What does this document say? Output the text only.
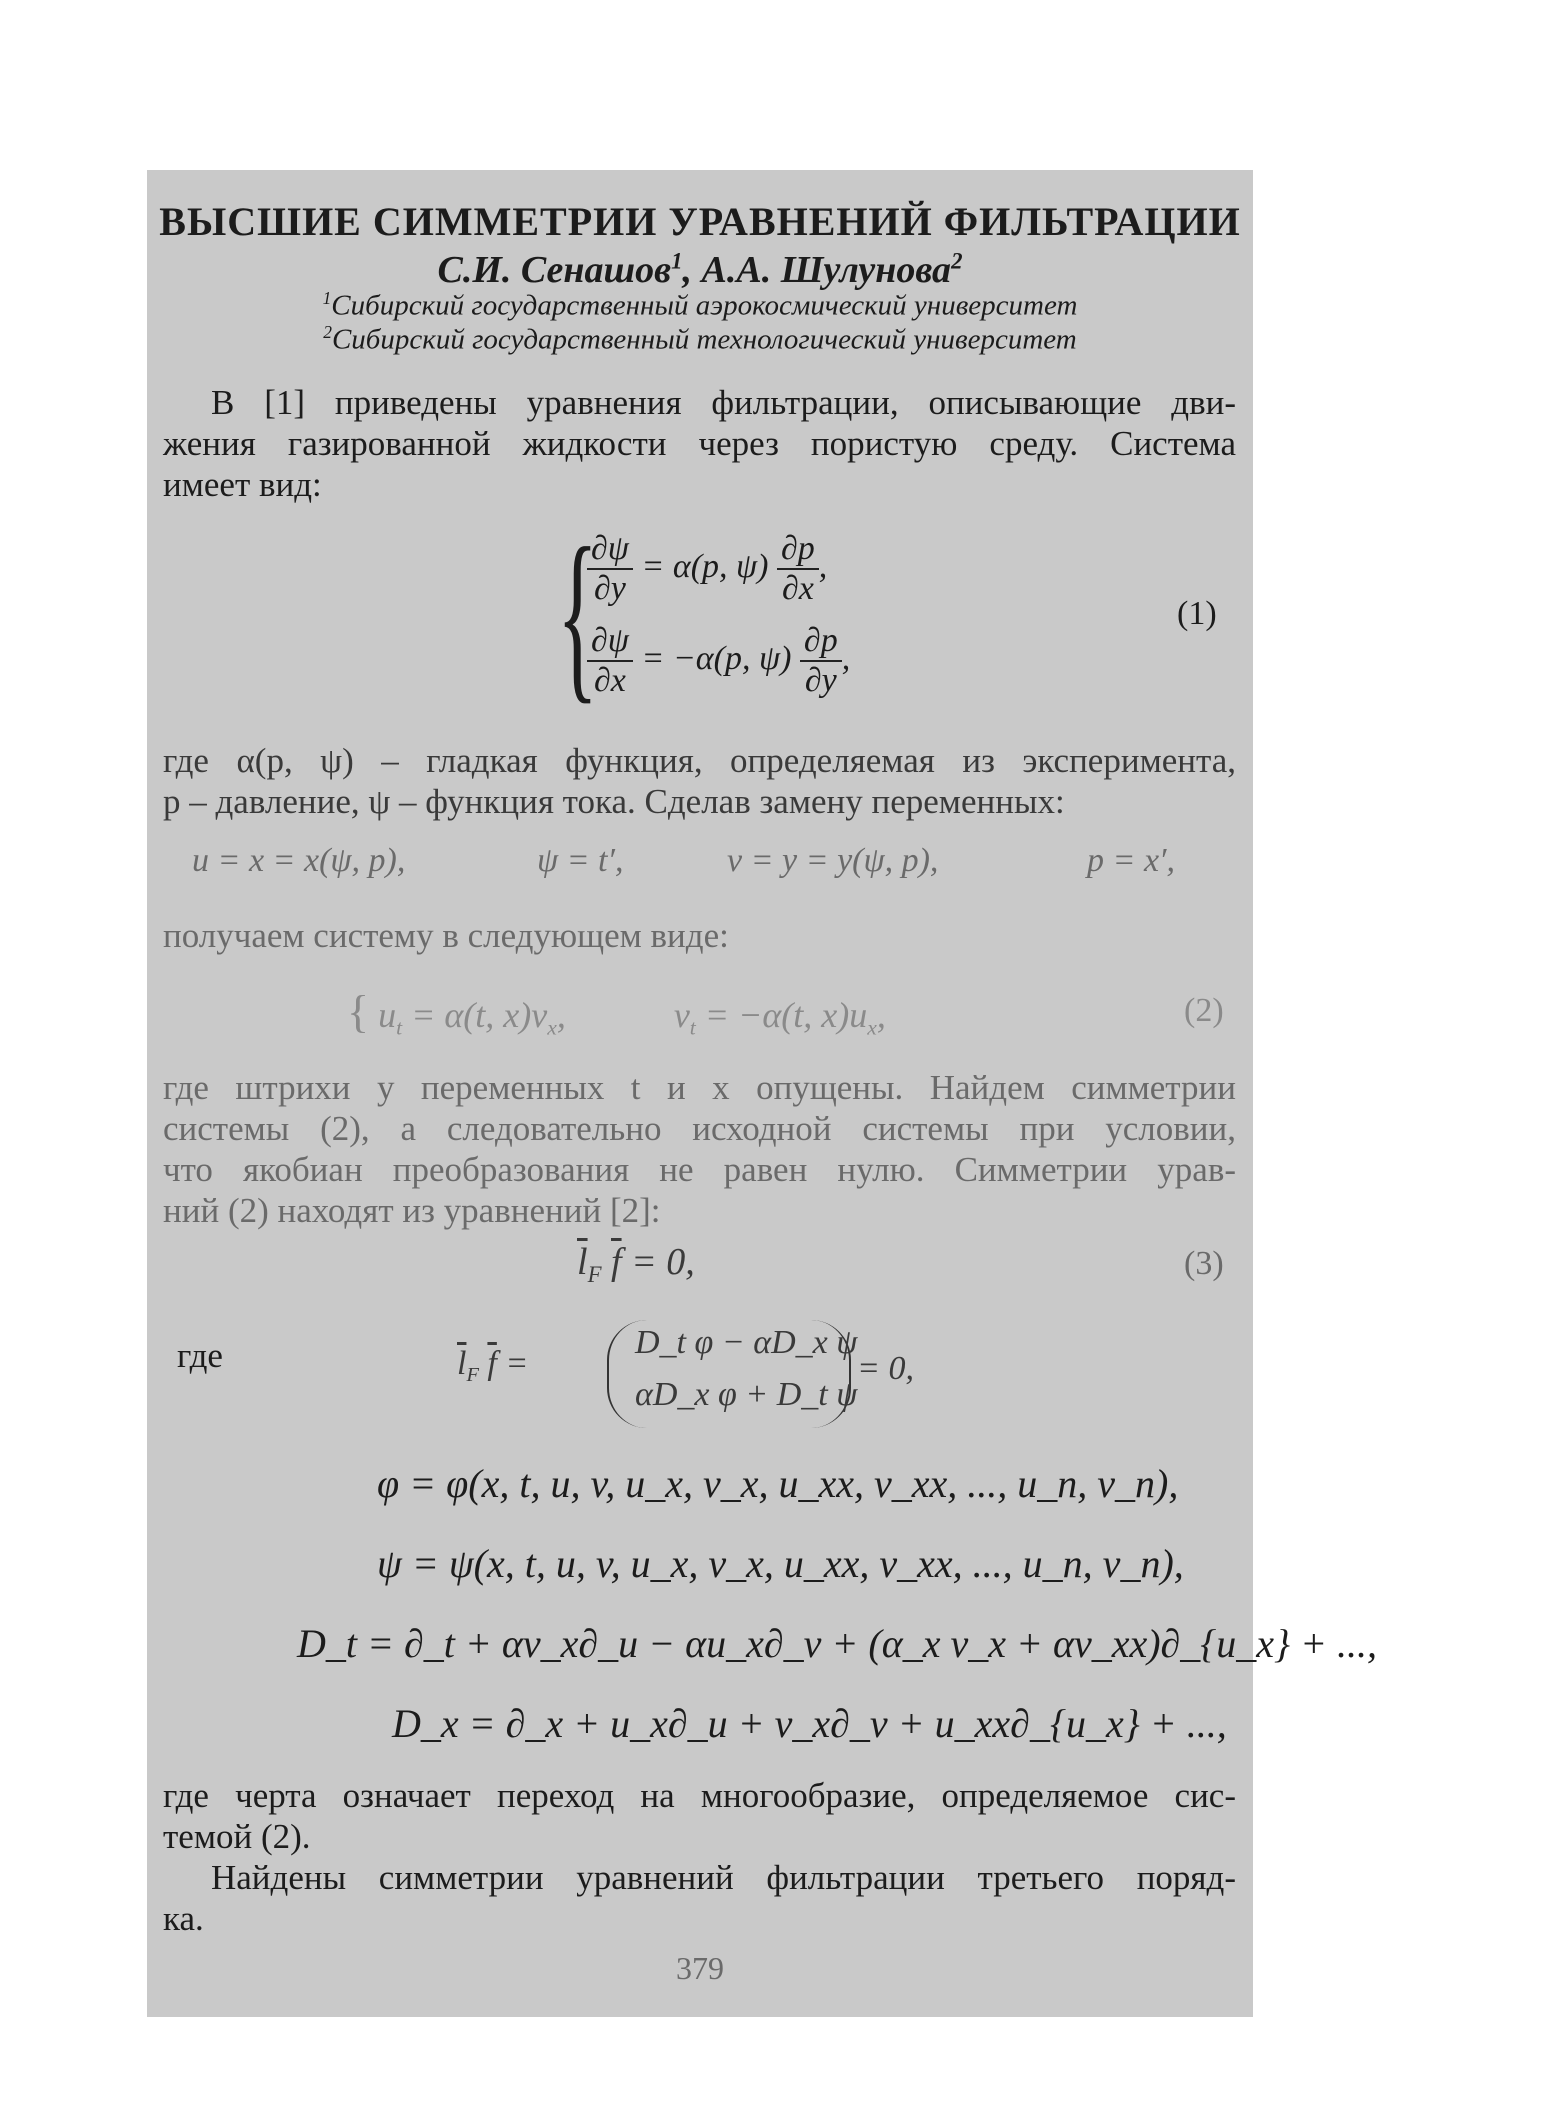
ВЫСШИЕ СИММЕТРИИ УРАВНЕНИЙ ФИЛЬТРАЦИИ
С.И. Сенашов$^1$, А.А. Шулунова$^2$
$^1$Сибирский государственный аэрокосмический университет
$^2$Сибирский государственный технологический университет
В [1] приведены уравнения фильтрации, описывающие дви-
жения газированной жидкости через пористую среду. Система
имеет вид:
{
$\frac{\partial\psi}{\partial y} = \alpha(p$, $\psi) \frac{\partial p}{\partial x}$ ,
$\frac{\partial\psi}{\partial x} = -\alpha(p$, $\psi) \frac{\partial p}{\partial y}$ ,
(1)
где α(p, ψ) – гладкая функция, определяемая из эксперимента,
p – давление, ψ – функция тока. Сделав замену переменных:
u = x = x(ψ, p),	ψ = t′,	v = y = y(ψ, p),	p = x′,
получаем систему в следующем виде:
{ $u_t = \alpha(t$, $x)v_x$,	$v_t = -\alpha(t$, $x)u_x$,	(2)
где штрихи у переменных t и x опущены. Найдем симметрии
системы (2), а следовательно исходной системы при условии,
что якобиан преобразования не равен нулю. Симметрии урав-
ний (2) находят из уравнений [2]:
$\overline{l}_F$ $\overline{f} = 0$,	(3)
где	$\overline{l}_F$ $\overline{f}$ =
D_t φ − αD_x ψ
αD_x φ + D_t ψ
= 0,
φ = φ(x, t, u, v, u_x, v_x, u_xx, v_xx, ..., u_n, v_n),
ψ = ψ(x, t, u, v, u_x, v_x, u_xx, v_xx, ..., u_n, v_n),
D_t = ∂_t + αv_x∂_u − αu_x∂_v + (α_x v_x + αv_xx)∂_{u_x} + ...,
D_x = ∂_x + u_x∂_u + v_x∂_v + u_xx∂_{u_x} + ...,
где черта означает переход на многообразие, определяемое сис-
темой (2).
Найдены симметрии уравнений фильтрации третьего поряд-
ка.
379
